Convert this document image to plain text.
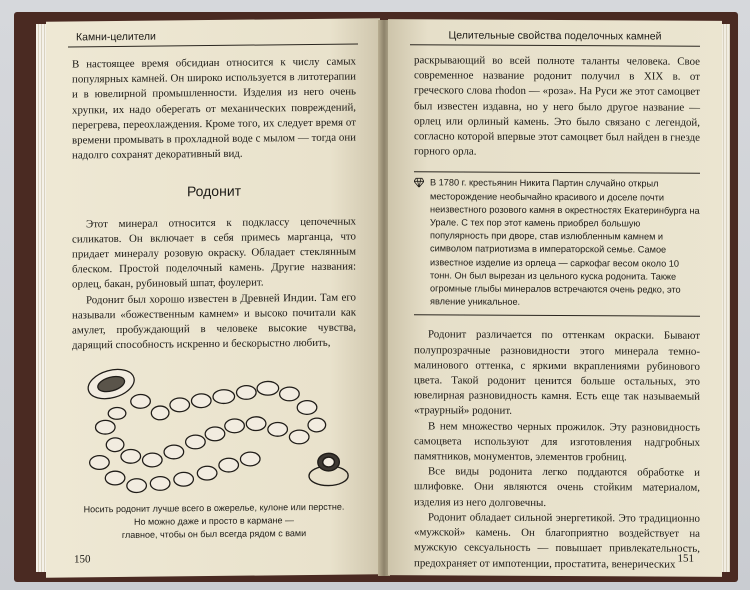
Камни-целители

В настоящее время обсидиан относится к числу самых популярных камней. Он широко используется в литотерапии и в ювелирной промышленности. Изделия из него очень хрупки, их надо оберегать от механических повреждений, перегрева, переохлаждения. Кроме того, их следует время от времени промывать в прохладной воде с мылом — тогда они надолго сохранят декоративный вид.

Родонит

Этот минерал относится к подклассу цепочечных силикатов. Он включает в себя примесь марганца, что придает минералу розовую окраску. Обладает стеклянным блеском. Простой поделочный камень. Другие названия: орлец, бакан, рубиновый шпат, фоулерит.

Родонит был хорошо известен в Древней Индии. Там его называли «божественным камнем» и высоко почитали как амулет, пробуждающий в человеке высокие чувства, дарящий способность искренно и бескорыстно любить,

Носить родонит лучше всего в ожерелье, кулоне или перстне.
Но можно даже и просто в кармане —
главное, чтобы он был всегда рядом с вами
150
Целительные свойства поделочных камней

раскрывающий во всей полноте таланты человека. Свое современное название родонит получил в XIX в. от греческого слова rhodon — «роза». На Руси же этот самоцвет был известен издавна, но у него было другое название — орлец или орлиный камень. Это было связано с легендой, согласно которой впервые этот самоцвет был найден в гнезде горного орла.

В 1780 г. крестьянин Никита Партин случайно открыл месторождение необычайно красивого и доселе почти неизвестного розового камня в окрестностях Екатеринбурга на Урале. С тех пор этот камень приобрел большую популярность при дворе, став излюбленным камнем и символом патриотизма в императорской семье. Самое известное изделие из орлеца — саркофаг весом около 10 тонн. Он был вырезан из цельного куска родонита. Также огромные глыбы минералов встречаются очень редко, это явление уникальное.

Родонит различается по оттенкам окраски. Бывают полупрозрачные разновидности этого минерала темно-малинового оттенка, с яркими вкраплениями рубинового цвета. Такой родонит ценится больше остальных, это ювелирная разновидность камня. Есть еще так называемый «траурный» родонит.

В нем множество черных прожилок. Эту разновидность самоцвета используют для изготовления надгробных памятников, монументов, элементов гробниц.

Все виды родонита легко поддаются обработке и шлифовке. Они являются очень стойким материалом, изделия из него долговечны.

Родонит обладает сильной энергетикой. Это традиционно «мужской» камень. Он благоприятно воздействует на мужскую сексуальность — повышает привлекательность, предохраняет от импотенции, простатита, венерических 151
